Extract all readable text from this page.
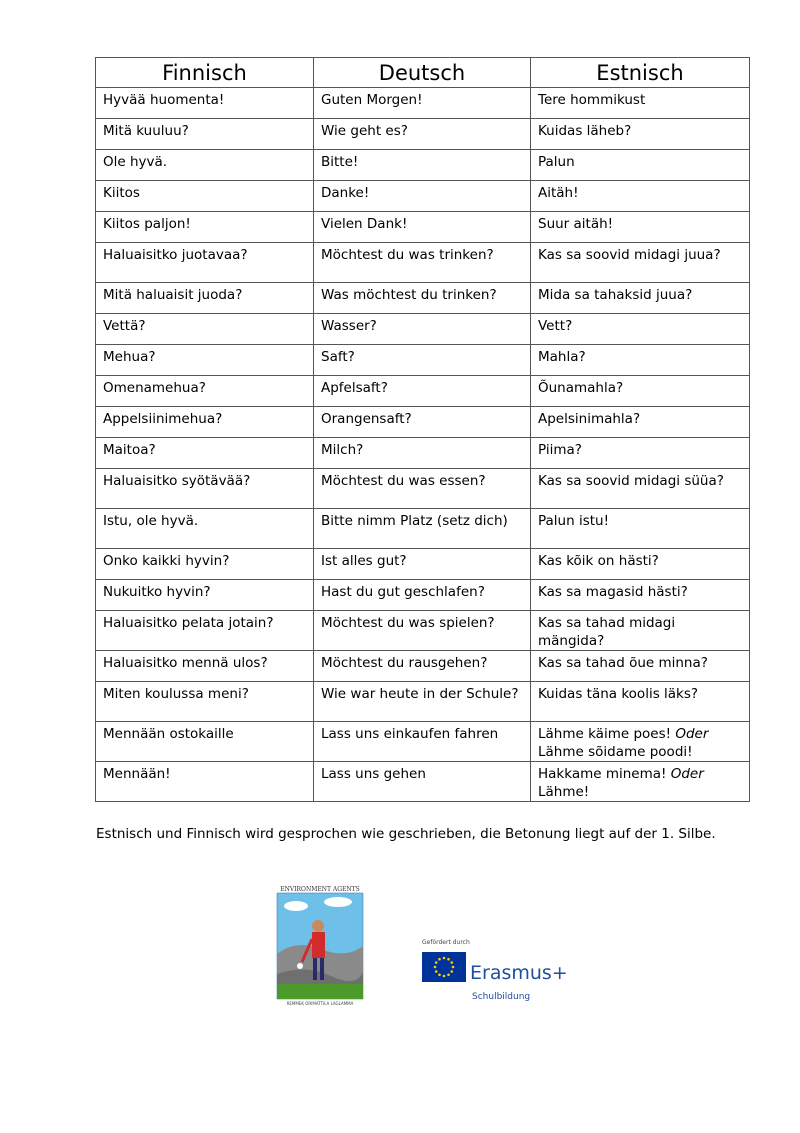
Finnisch	Deutsch	Estnisch
Hyvää huomenta!	Guten Morgen!	Tere hommikust
Mitä kuuluu?	Wie geht es?	Kuidas läheb?
Ole hyvä.	Bitte!	Palun
Kiitos	Danke!	Aitäh!
Kiitos paljon!	Vielen Dank!	Suur aitäh!
Haluaisitko juotavaa?	Möchtest du was trinken?	Kas sa soovid midagi juua?
Mitä haluaisit juoda?	Was möchtest du trinken?	Mida sa tahaksid juua?
Vettä?	Wasser?	Vett?
Mehua?	Saft?	Mahla?
Omenamehua?	Apfelsaft?	Õunamahla?
Appelsiinimehua?	Orangensaft?	Apelsinimahla?
Maitoa?	Milch?	Piima?
Haluaisitko syötävää?	Möchtest du was essen?	Kas sa soovid midagi süüa?
Istu, ole hyvä.	Bitte nimm Platz (setz dich)	Palun istu!
Onko kaikki hyvin?	Ist alles gut?	Kas kõik on hästi?
Nukuitko hyvin?	Hast du gut geschlafen?	Kas sa magasid hästi?
Haluaisitko pelata jotain?	Möchtest du was spielen?	Kas sa tahad midagi mängida?
Haluaisitko mennä ulos?	Möchtest du rausgehen?	Kas sa tahad õue minna?
Miten koulussa meni?	Wie war heute in der Schule?	Kuidas täna koolis läks?
Mennään ostokaille	Lass uns einkaufen fahren	Lähme käime poes! Oder Lähme sõidame poodi!
Mennään!	Lass uns gehen	Hakkame minema! Oder Lähme!
Estnisch und Finnisch wird gesprochen wie geschrieben, die Betonung liegt auf der 1. Silbe.
ENVIRONMENT AGENTS
REMMEK ORIMATTILA LAGLAMMA
Gefördert durch
Erasmus+
Schulbildung
